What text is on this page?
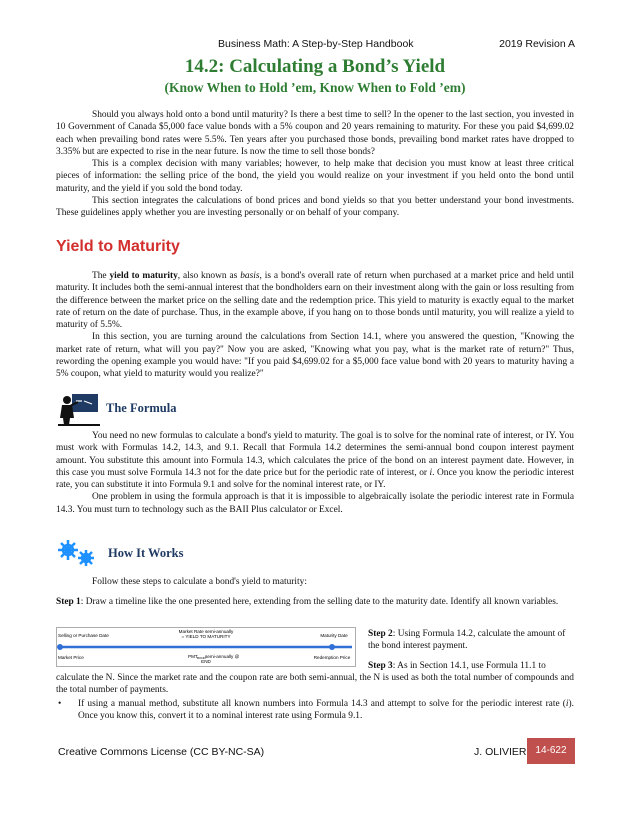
Business Math: A Step-by-Step Handbook	2019 Revision A
14.2: Calculating a Bond’s Yield
(Know When to Hold ’em, Know When to Fold ’em)

Should you always hold onto a bond until maturity? Is there a best time to sell? In the opener to the last section, you invested in 10 Government of Canada $5,000 face value bonds with a 5% coupon and 20 years remaining to maturity. For these you paid $4,699.02 each when prevailing bond rates were 5.5%. Ten years after you purchased those bonds, prevailing bond market rates have dropped to 3.35% but are expected to rise in the near future. Is now the time to sell those bonds?

This is a complex decision with many variables; however, to help make that decision you must know at least three critical pieces of information: the selling price of the bond, the yield you would realize on your investment if you held onto the bond until maturity, and the yield if you sold the bond today.

This section integrates the calculations of bond prices and bond yields so that you better understand your bond investments. These guidelines apply whether you are investing personally or on behalf of your company.

Yield to Maturity

The yield to maturity, also known as basis, is a bond's overall rate of return when purchased at a market price and held until maturity. It includes both the semi-annual interest that the bondholders earn on their investment along with the gain or loss resulting from the difference between the market price on the selling date and the redemption price. This yield to maturity is exactly equal to the market rate of return on the date of purchase. Thus, in the example above, if you hang on to those bonds until maturity, you will realize a yield to maturity of 5.5%.

In this section, you are turning around the calculations from Section 14.1, where you answered the question, "Knowing the market rate of return, what will you pay?" Now you are asked, "Knowing what you pay, what is the market rate of return?" Thus, rewording the opening example you would have: "If you paid $4,699.02 for a $5,000 face value bond with 20 years to maturity having a 5% coupon, what yield to maturity would you realize?"

The Formula

You need no new formulas to calculate a bond's yield to maturity. The goal is to solve for the nominal rate of interest, or IY. You must work with Formulas 14.2, 14.3, and 9.1. Recall that Formula 14.2 determines the semi-annual bond coupon interest payment amount. You substitute this amount into Formula 14.3, which calculates the price of the bond on an interest payment date. However, in this case you must solve Formula 14.3 not for the date price but for the periodic rate of interest, or i. Once you know the periodic interest rate, you can substitute it into Formula 9.1 and solve for the nominal interest rate, or IY.

One problem in using the formula approach is that it is impossible to algebraically isolate the periodic interest rate in Formula 14.3. You must turn to technology such as the BAII Plus calculator or Excel.

How It Works

Follow these steps to calculate a bond's yield to maturity:

Step 1: Draw a timeline like the one presented here, extending from the selling date to the maturity date. Identify all known variables.

Selling or Purchase Date
Market Rate semi-annually
= YIELD TO MATURITY	Maturity Date
Market Price	PMT BOND semi-annually @
END
Redemption Price
Step 2: Using Formula 14.2, calculate the amount of the bond interest payment.
Step 3: As in Section 14.1, use Formula 11.1 to

calculate the N. Since the market rate and the coupon rate are both semi-annual, the N is used as both the total number of compounds and the total number of payments.

• If using a manual method, substitute all known numbers into Formula 14.3 and attempt to solve for the periodic interest rate (i). Once you know this, convert it to a nominal interest rate using Formula 9.1.

Creative Commons License (CC BY-NC-SA)	J. OLIVIER 14-622
